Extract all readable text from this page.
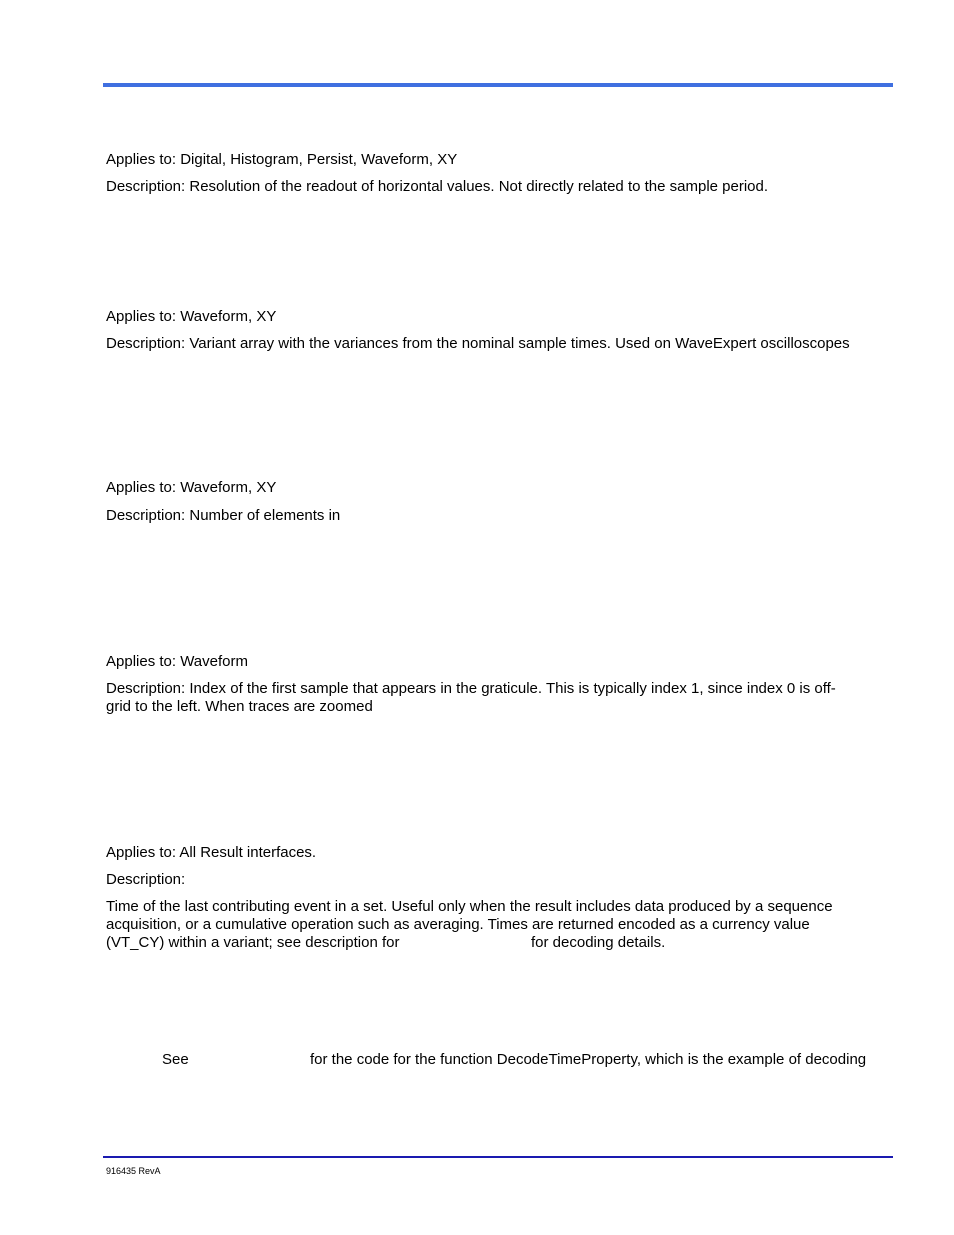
Applies to: Digital, Histogram, Persist, Waveform, XY
Description: Resolution of the readout of horizontal values. Not directly related to the sample period.
Applies to: Waveform, XY
Description: Variant array with the variances from the nominal sample times. Used on WaveExpert oscilloscopes
Applies to: Waveform, XY
Description: Number of elements in
Applies to: Waveform
Description: Index of the first sample that appears in the graticule. This is typically index 1, since index 0 is off-
grid to the left. When traces are zoomed
Applies to: All Result interfaces.
Description:
Time of the last contributing event in a set. Useful only when the result includes data produced by a sequence
acquisition, or a cumulative operation such as averaging. Times are returned encoded as a currency value
(VT_CY) within a variant; see description for	for decoding details.
See	for the code for the function DecodeTimeProperty, which is the example of decoding
916435 RevA
